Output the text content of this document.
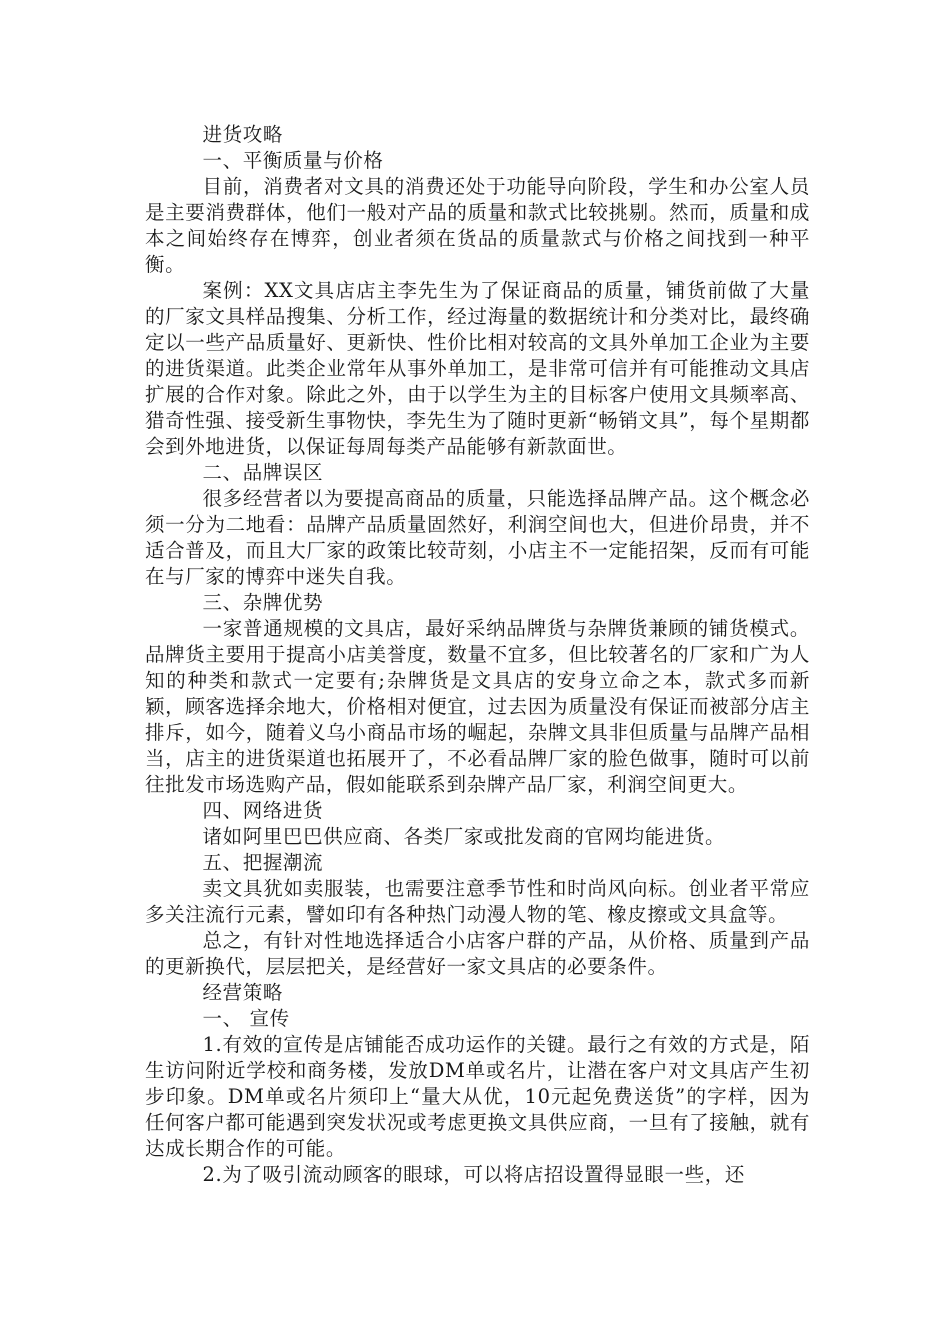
进货攻略

一、平衡质量与价格

目前，消费者对文具的消费还处于功能导向阶段，学生和办公室人员是主要消费群体，他们一般对产品的质量和款式比较挑剔。然而，质量和成本之间始终存在博弈，创业者须在货品的质量款式与价格之间找到一种平衡。

案例：XX文具店店主李先生为了保证商品的质量，铺货前做了大量的厂家文具样品搜集、分析工作，经过海量的数据统计和分类对比，最终确定以一些产品质量好、更新快、性价比相对较高的文具外单加工企业为主要的进货渠道。此类企业常年从事外单加工，是非常可信并有可能推动文具店扩展的合作对象。除此之外，由于以学生为主的目标客户使用文具频率高、猎奇性强、接受新生事物快，李先生为了随时更新“畅销文具”，每个星期都会到外地进货，以保证每周每类产品能够有新款面世。

二、品牌误区

很多经营者以为要提高商品的质量，只能选择品牌产品。这个概念必须一分为二地看：品牌产品质量固然好，利润空间也大，但进价昂贵，并不适合普及，而且大厂家的政策比较苛刻，小店主不一定能招架，反而有可能在与厂家的博弈中迷失自我。

三、杂牌优势

一家普通规模的文具店，最好采纳品牌货与杂牌货兼顾的铺货模式。品牌货主要用于提高小店美誉度，数量不宜多，但比较著名的厂家和广为人知的种类和款式一定要有;杂牌货是文具店的安身立命之本，款式多而新颖，顾客选择余地大，价格相对便宜，过去因为质量没有保证而被部分店主排斥，如今，随着义乌小商品市场的崛起，杂牌文具非但质量与品牌产品相当，店主的进货渠道也拓展开了，不必看品牌厂家的脸色做事，随时可以前往批发市场选购产品，假如能联系到杂牌产品厂家，利润空间更大。

四、网络进货

诸如阿里巴巴供应商、各类厂家或批发商的官网均能进货。

五、把握潮流

卖文具犹如卖服装，也需要注意季节性和时尚风向标。创业者平常应多关注流行元素，譬如印有各种热门动漫人物的笔、橡皮擦或文具盒等。

总之，有针对性地选择适合小店客户群的产品，从价格、质量到产品的更新换代，层层把关，是经营好一家文具店的必要条件。

经营策略

一、 宣传

1.有效的宣传是店铺能否成功运作的关键。最行之有效的方式是，陌生访问附近学校和商务楼，发放DM单或名片，让潜在客户对文具店产生初步印象。DM单或名片须印上“量大从优，10元起免费送货”的字样，因为任何客户都可能遇到突发状况或考虑更换文具供应商，一旦有了接触，就有达成长期合作的可能。

2.为了吸引流动顾客的眼球，可以将店招设置得显眼一些，还
